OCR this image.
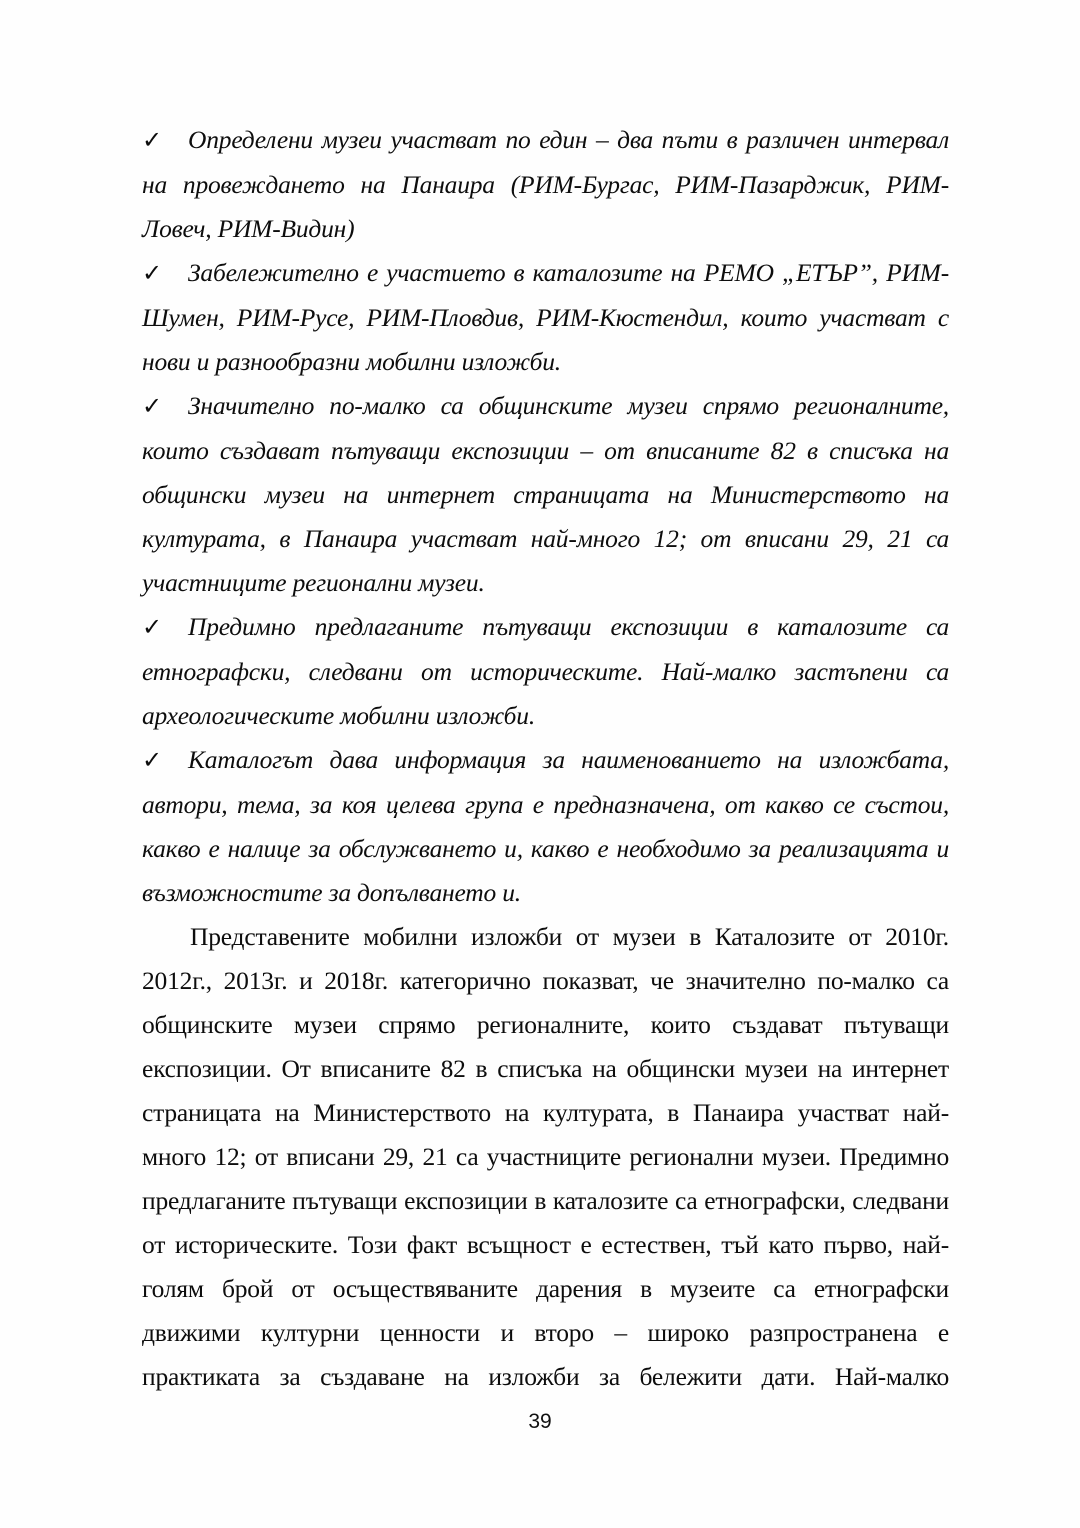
✓ Определени музеи участват по един – два пъти в различен интервал на провеждането на Панаира (РИМ-Бургас, РИМ-Пазарджик, РИМ-Ловеч, РИМ-Видин)

✓ Забележително е участието в каталозите на РЕМО „ЕТЪР”, РИМ-Шумен, РИМ-Русе, РИМ-Пловдив, РИМ-Кюстендил, които участват с нови и разнообразни мобилни изложби.

✓ Значително по-малко са общинските музеи спрямо регионалните, които създават пътуващи експозиции – от вписаните 82 в списъка на общински музеи на интернет страницата на Министерството на културата, в Панаира участват най-много 12; от вписани 29, 21 са участниците регионални музеи.

✓ Предимно предлаганите пътуващи експозиции в каталозите са етнографски, следвани от историческите. Най-малко застъпени са археологическите мобилни изложби.

✓ Каталогът дава информация за наименованието на изложбата, автори, тема, за коя целева група е предназначена, от какво се състои, какво е налице за обслужването и, какво е необходимо за реализацията и възможностите за допълването и.

Представените мобилни изложби от музеи в Каталозите от 2010г. 2012г., 2013г. и 2018г. категорично показват, че значително по-малко са общинските музеи спрямо регионалните, които създават пътуващи експозиции. От вписаните 82 в списъка на общински музеи на интернет страницата на Министерството на културата, в Панаира участват най-много 12; от вписани 29, 21 са участниците регионални музеи. Предимно предлаганите пътуващи експозиции в каталозите са етнографски, следвани от историческите. Този факт всъщност е естествен, тъй като първо, най-голям брой от осъществяваните дарения в музеите са етнографски движими културни ценности и второ – широко разпространена е практиката за създаване на изложби за бележити дати. Най-малко

39
